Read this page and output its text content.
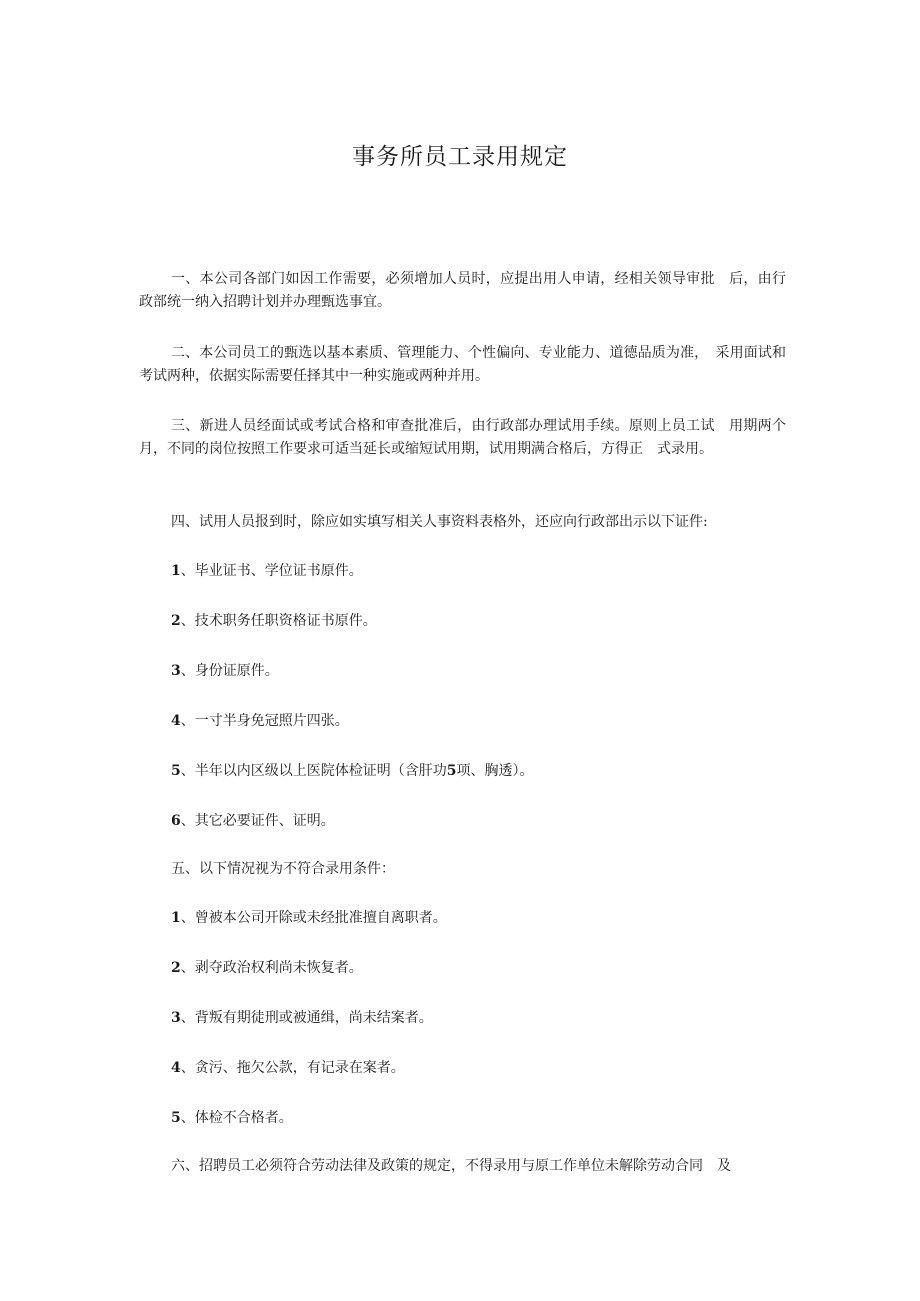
事务所员工录用规定
一、本公司各部门如因工作需要，必须增加人员时，应提出用人申请，经相关领导审批　后，由行政部统一纳入招聘计划并办理甄选事宜。
二、本公司员工的甄选以基本素质、管理能力、个性偏向、专业能力、道德品质为准，　采用面试和考试两种，依据实际需要任择其中一种实施或两种并用。
三、新进人员经面试或考试合格和审查批准后，由行政部办理试用手续。原则上员工试　用期两个月，不同的岗位按照工作要求可适当延长或缩短试用期，试用期满合格后，方得正　式录用。
四、试用人员报到时，除应如实填写相关人事资料表格外，还应向行政部出示以下证件:
1、毕业证书、学位证书原件。
2、技术职务任职资格证书原件。
3、身份证原件。
4、一寸半身免冠照片四张。
5、半年以内区级以上医院体检证明（含肝功5项、胸透）。
6、其它必要证件、证明。
五、以下情况视为不符合录用条件：
1、曾被本公司开除或未经批准擅自离职者。
2、剥夺政治权利尚未恢复者。
3、背叛有期徒刑或被通缉，尚未结案者。
4、贪污、拖欠公款，有记录在案者。
5、体检不合格者。
六、招聘员工必须符合劳动法律及政策的规定，不得录用与原工作单位未解除劳动合同　及
